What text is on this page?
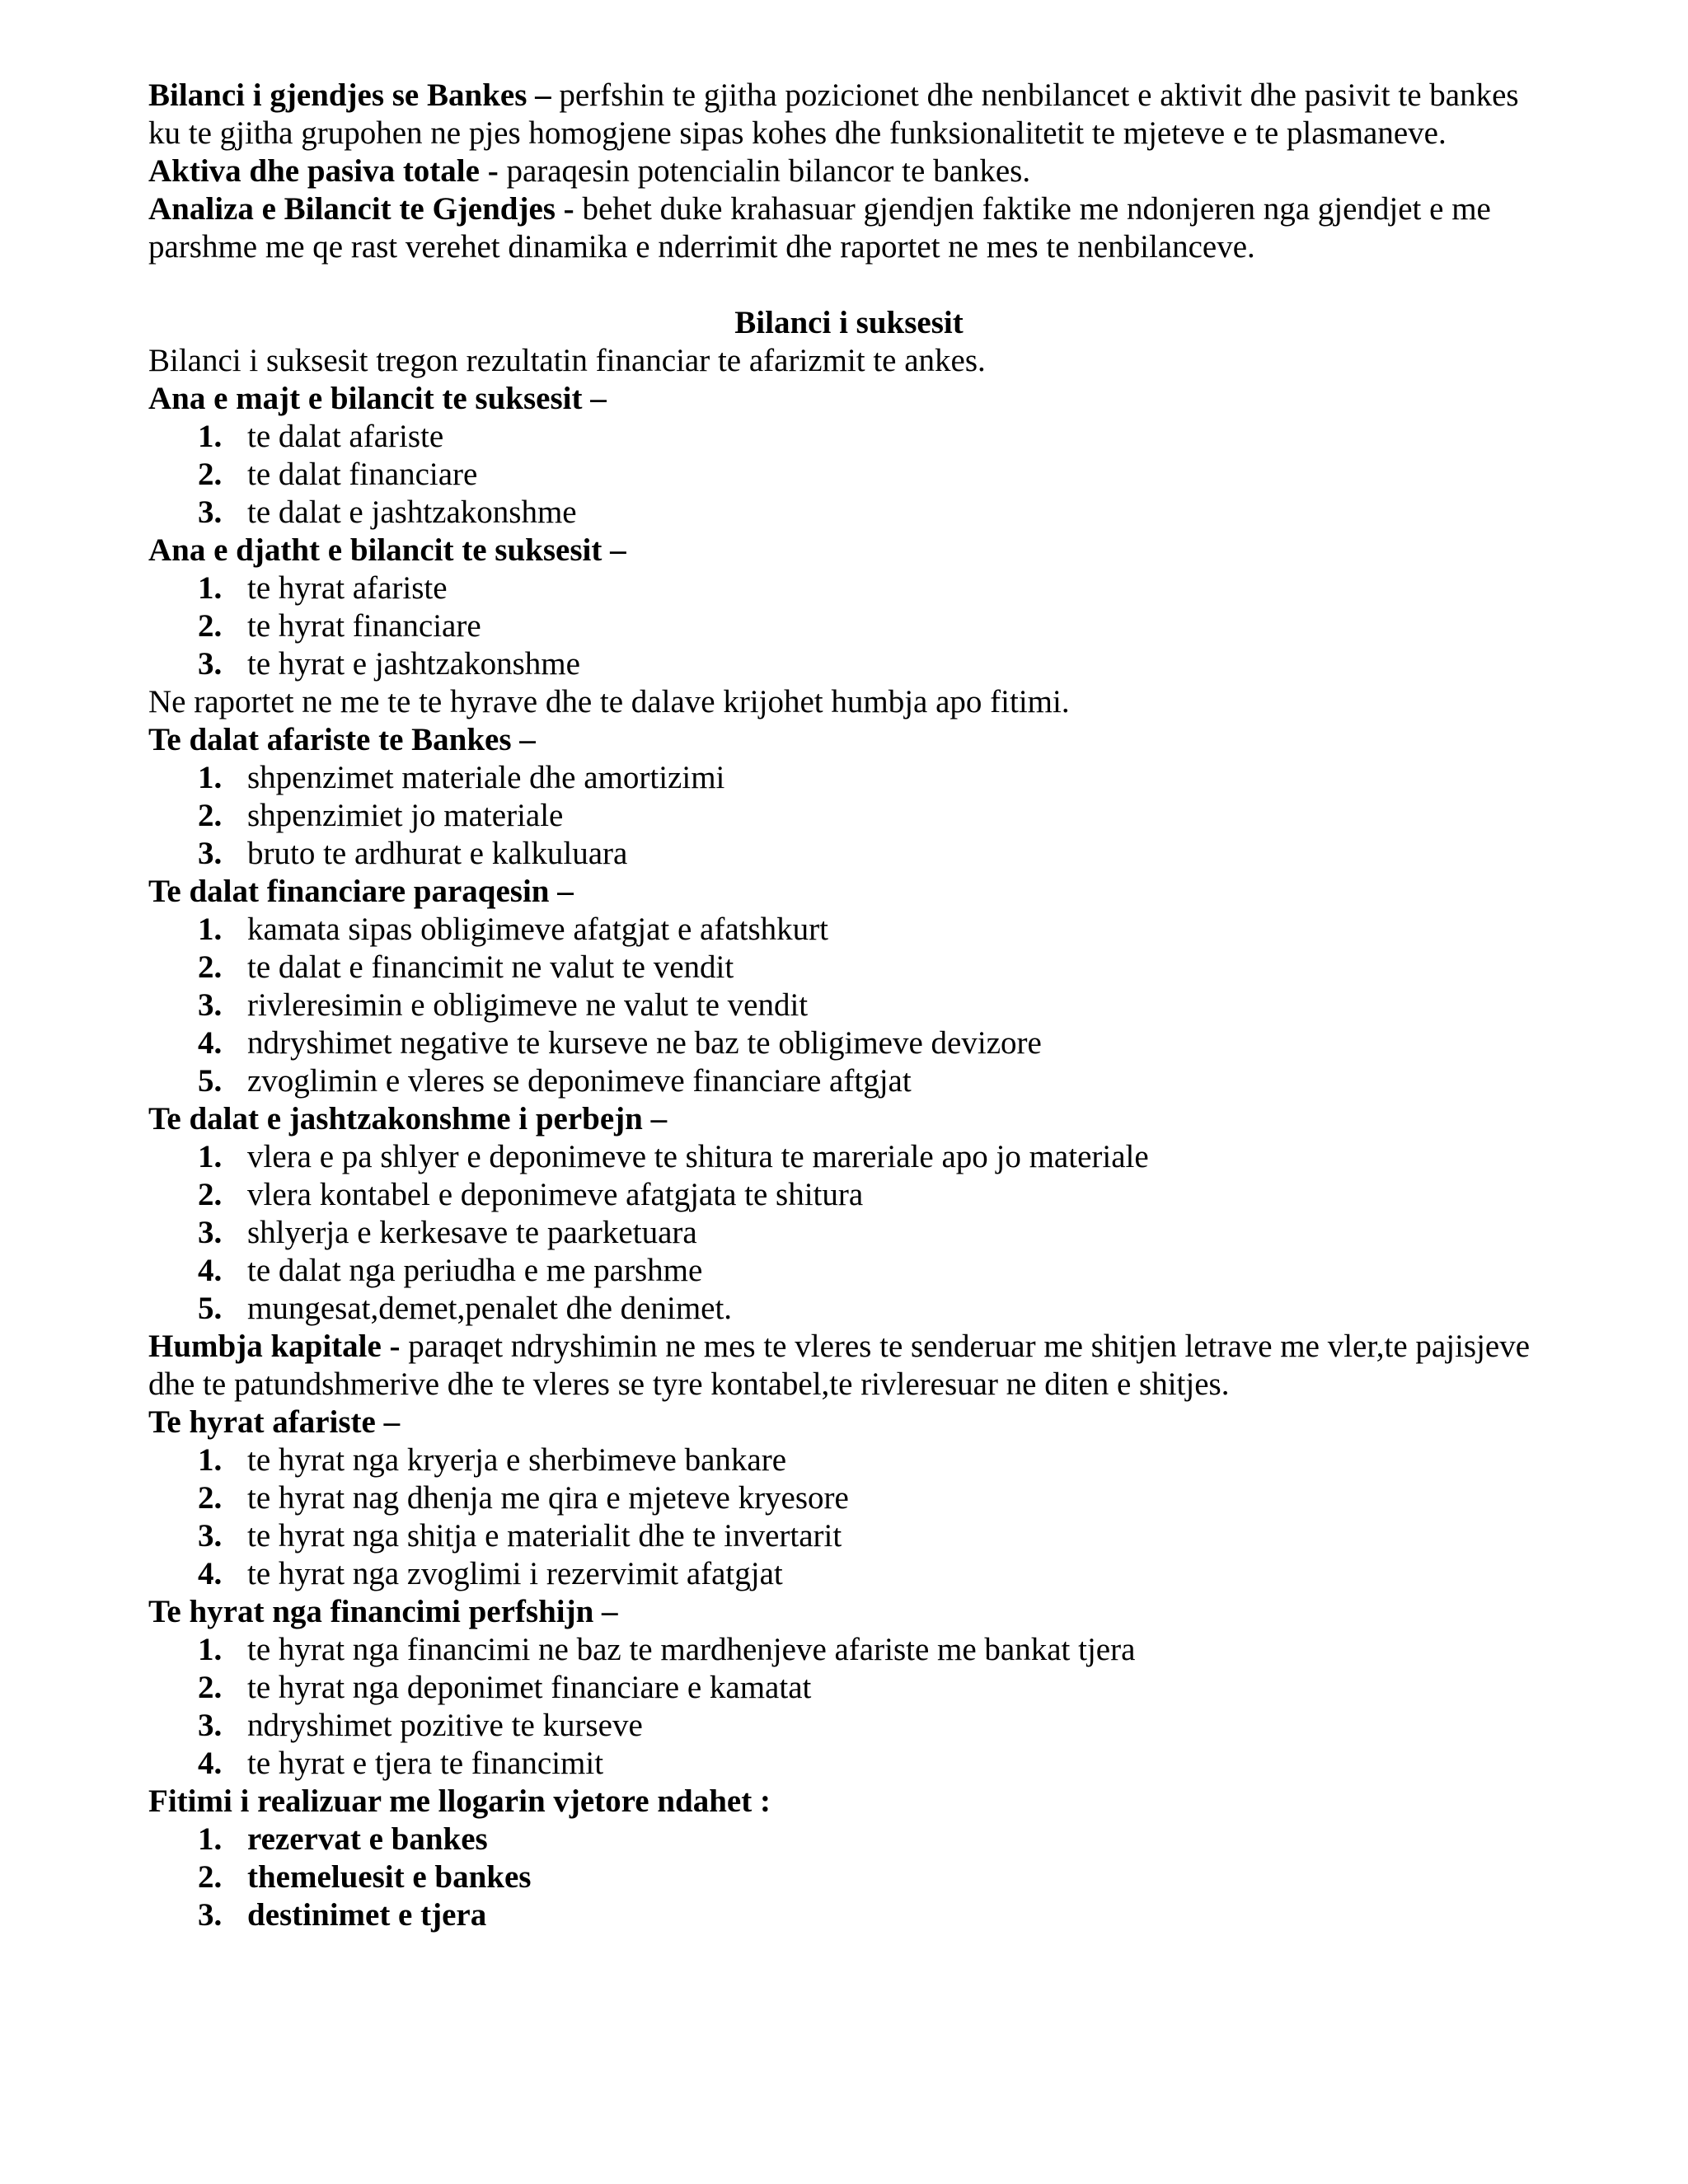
Bilanci i gjendjes se Bankes – perfshin te gjitha pozicionet dhe nenbilancet e aktivit dhe pasivit te bankes ku te gjitha grupohen ne pjes homogjene sipas kohes dhe funksionalitetit te mjeteve e te plasmaneve.

Aktiva dhe pasiva totale - paraqesin potencialin bilancor te bankes.

Analiza e Bilancit te Gjendjes - behet duke krahasuar gjendjen faktike me ndonjeren nga gjendjet e me parshme me qe rast verehet dinamika e nderrimit dhe raportet ne mes te nenbilanceve.

Bilanci i suksesit

Bilanci i suksesit tregon rezultatin financiar te afarizmit te ankes.

Ana e majt e bilancit te suksesit –

1. te dalat afariste
2. te dalat financiare
3. te dalat e jashtzakonshme

Ana e djatht e bilancit te suksesit –

1. te hyrat afariste
2. te hyrat financiare
3. te hyrat e jashtzakonshme

Ne raportet ne me te te hyrave dhe te dalave krijohet humbja apo fitimi.

Te dalat afariste te Bankes –

1. shpenzimet materiale dhe amortizimi
2. shpenzimiet jo materiale
3. bruto te ardhurat e kalkuluara

Te dalat financiare paraqesin –

1. kamata sipas obligimeve afatgjat e afatshkurt
2. te dalat e financimit ne valut te vendit
3. rivleresimin e obligimeve ne valut te vendit
4. ndryshimet negative te kurseve ne baz te obligimeve devizore
5. zvoglimin e vleres se deponimeve financiare aftgjat

Te dalat e jashtzakonshme i perbejn –

1. vlera e pa shlyer e deponimeve te shitura te mareriale apo jo materiale
2. vlera kontabel e deponimeve afatgjata te shitura
3. shlyerja e kerkesave te paarketuara
4. te dalat nga periudha e me parshme
5. mungesat,demet,penalet dhe denimet.

Humbja kapitale - paraqet ndryshimin ne mes te vleres te senderuar me shitjen letrave me vler,te pajisjeve dhe te patundshmerive dhe te vleres se tyre kontabel,te rivleresuar ne diten e shitjes.

Te hyrat afariste –

1. te hyrat nga kryerja e sherbimeve bankare
2. te hyrat nag dhenja me qira e mjeteve kryesore
3. te hyrat nga shitja e materialit dhe te invertarit
4. te hyrat nga zvoglimi i rezervimit afatgjat

Te hyrat nga financimi perfshijn –

1. te hyrat nga financimi ne baz te mardhenjeve afariste me bankat tjera
2. te hyrat nga deponimet financiare e kamatat
3. ndryshimet pozitive te kurseve
4. te hyrat e tjera te financimit

Fitimi i realizuar me llogarin vjetore ndahet :

1. rezervat e bankes
2. themeluesit e bankes
3. destinimet e tjera
